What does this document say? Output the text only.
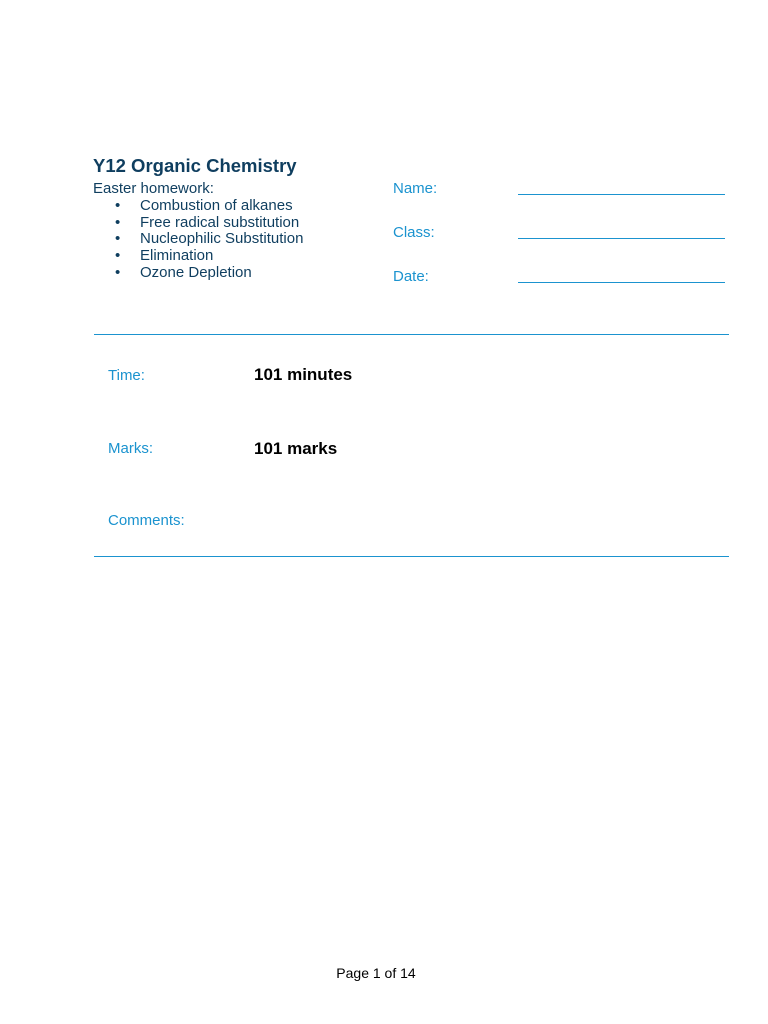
Y12 Organic Chemistry
Easter homework:
• Combustion of alkanes
• Free radical substitution
• Nucleophilic Substitution
• Elimination
• Ozone Depletion
Name:
Class:
Date:
Time:	101 minutes
Marks:	101 marks
Comments:
Page 1 of 14
